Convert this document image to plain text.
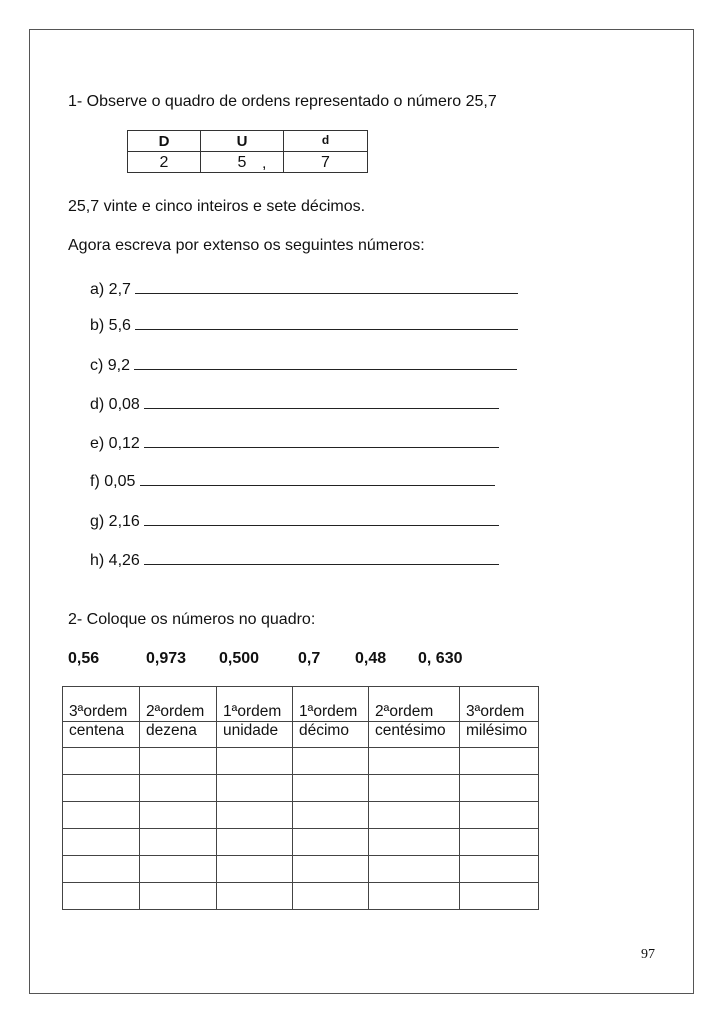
1- Observe o quadro de ordens representado o número 25,7
D	U	$^d$
2	5 ,	7
25,7 vinte e cinco inteiros e sete décimos.
Agora escreva por extenso os seguintes números:
a) 2,7
b) 5,6
c) 9,2
d) 0,08
e) 0,12
f) 0,05
g) 2,16
h) 4,26
2- Coloque os números no quadro:
0,56	0,973 0,500 0,7 0,48 0, 630

3ªordem	2ªordem	1ªordem	1ªordem	2ªordem	3ªordem
centena	dezena	unidade	décimo	centésimo	milésimo

97
